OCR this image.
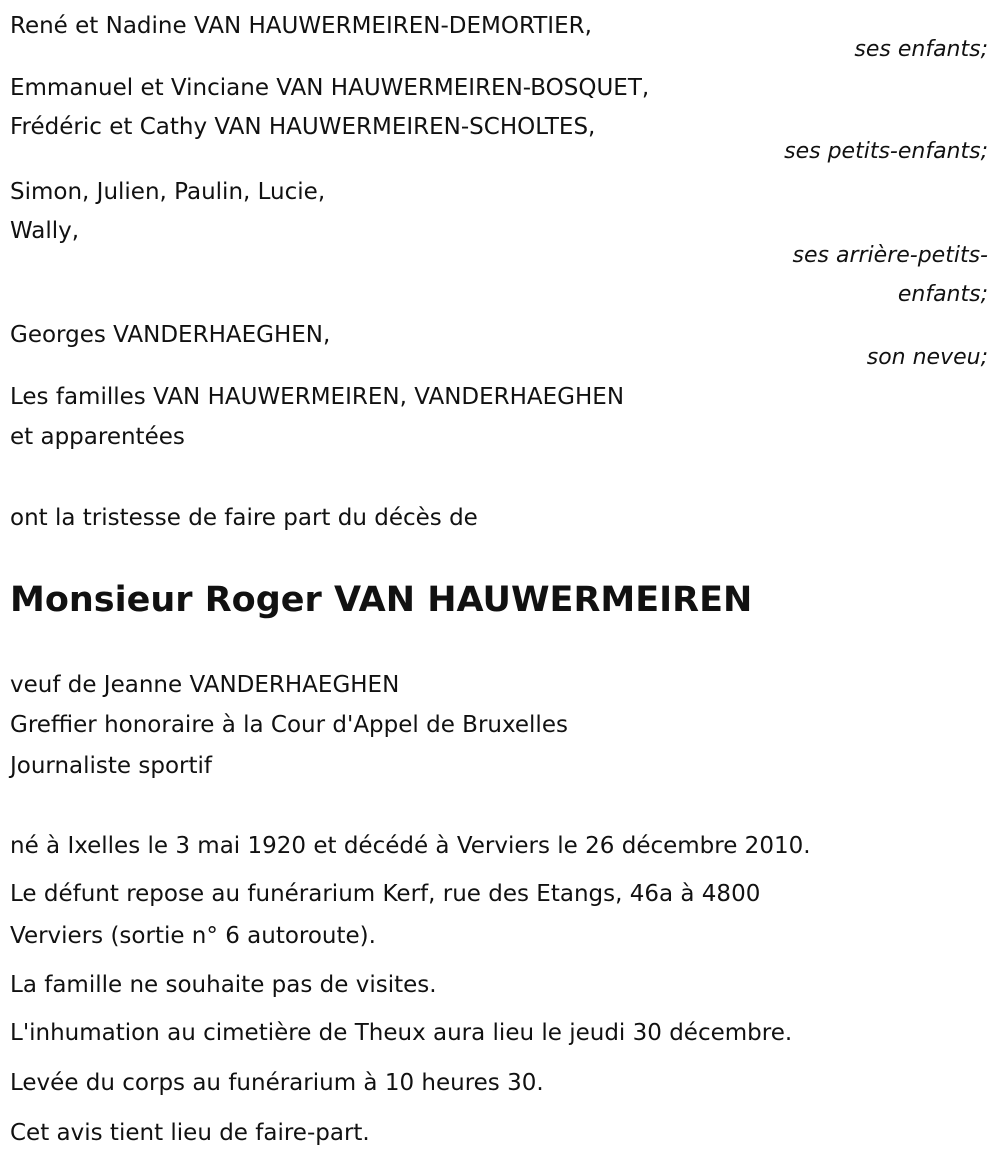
René et Nadine VAN HAUWERMEIREN-DEMORTIER,
ses enfants;
Emmanuel et Vinciane VAN HAUWERMEIREN-BOSQUET,
Frédéric et Cathy VAN HAUWERMEIREN-SCHOLTES,
ses petits-enfants;
Simon, Julien, Paulin, Lucie,
Wally,
ses arrière-petits-
enfants;
Georges VANDERHAEGHEN,
son neveu;
Les familles VAN HAUWERMEIREN, VANDERHAEGHEN
et apparentées
ont la tristesse de faire part du décès de
Monsieur Roger VAN HAUWERMEIREN
veuf de Jeanne VANDERHAEGHEN
Greffier honoraire à la Cour d'Appel de Bruxelles
Journaliste sportif
né à Ixelles le 3 mai 1920 et décédé à Verviers le 26 décembre 2010.
Le défunt repose au funérarium Kerf, rue des Etangs, 46a à 4800
Verviers (sortie n° 6 autoroute).
La famille ne souhaite pas de visites.
L'inhumation au cimetière de Theux aura lieu le jeudi 30 décembre.
Levée du corps au funérarium à 10 heures 30.
Cet avis tient lieu de faire-part.
